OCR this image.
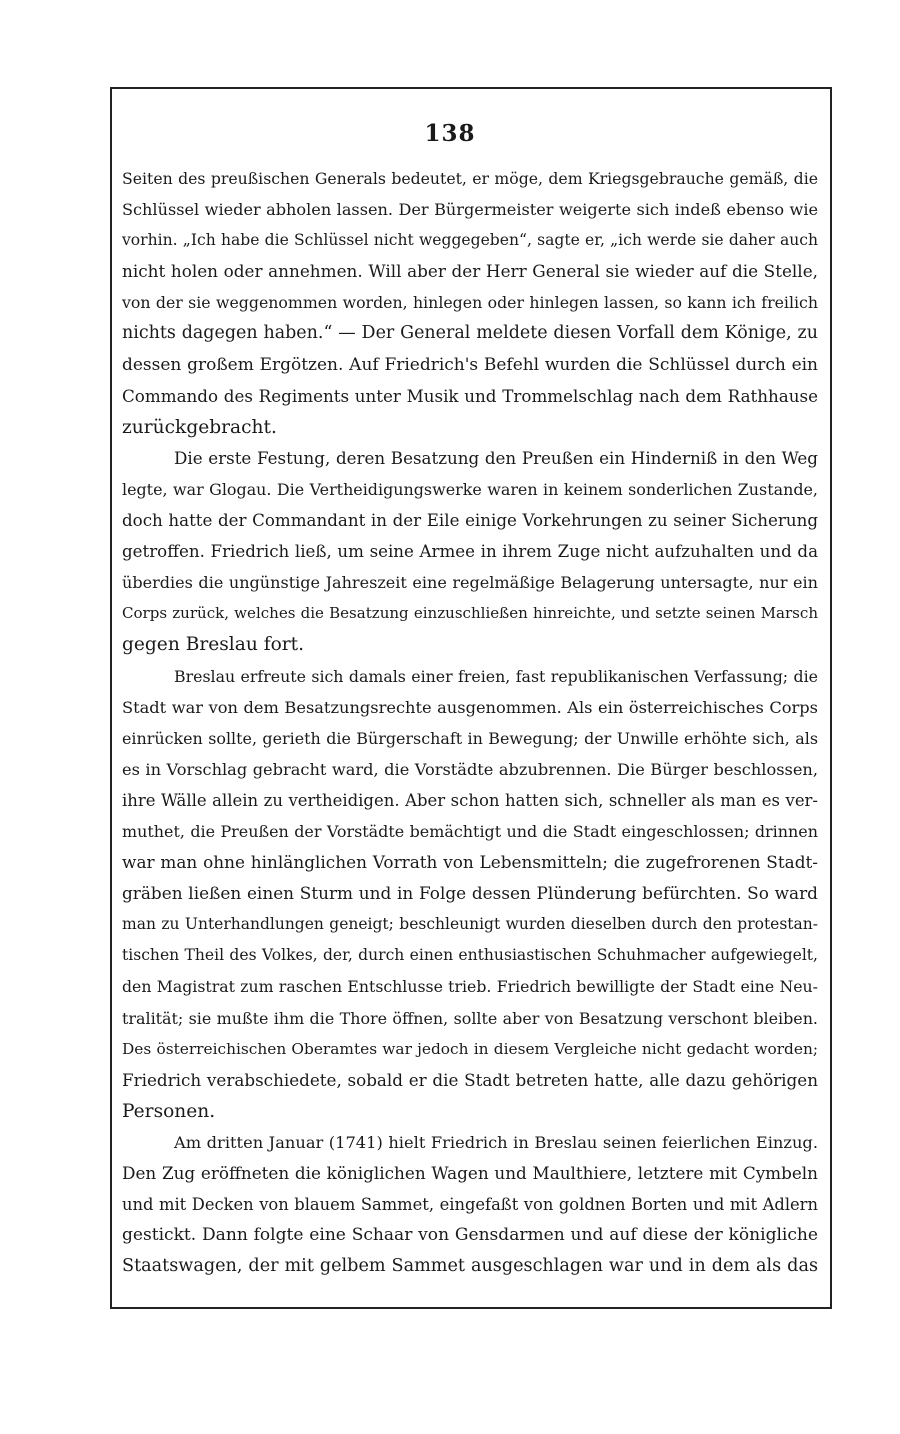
138

Seiten des preußischen Generals bedeutet, er möge, dem Kriegsgebrauche gemäß, die
Schlüssel wieder abholen lassen. Der Bürgermeister weigerte sich indeß ebenso wie
vorhin. „Ich habe die Schlüssel nicht weggegeben“, sagte er, „ich werde sie daher auch
nicht holen oder annehmen. Will aber der Herr General sie wieder auf die Stelle,
von der sie weggenommen worden, hinlegen oder hinlegen lassen, so kann ich freilich
nichts dagegen haben.“ — Der General meldete diesen Vorfall dem Könige, zu
dessen großem Ergötzen. Auf Friedrich's Befehl wurden die Schlüssel durch ein
Commando des Regiments unter Musik und Trommelschlag nach dem Rathhause
zurückgebracht.

Die erste Festung, deren Besatzung den Preußen ein Hinderniß in den Weg
legte, war Glogau. Die Vertheidigungswerke waren in keinem sonderlichen Zustande,
doch hatte der Commandant in der Eile einige Vorkehrungen zu seiner Sicherung
getroffen. Friedrich ließ, um seine Armee in ihrem Zuge nicht aufzuhalten und da
überdies die ungünstige Jahreszeit eine regelmäßige Belagerung untersagte, nur ein
Corps zurück, welches die Besatzung einzuschließen hinreichte, und setzte seinen Marsch
gegen Breslau fort.

Breslau erfreute sich damals einer freien, fast republikanischen Verfassung; die
Stadt war von dem Besatzungsrechte ausgenommen. Als ein österreichisches Corps
einrücken sollte, gerieth die Bürgerschaft in Bewegung; der Unwille erhöhte sich, als
es in Vorschlag gebracht ward, die Vorstädte abzubrennen. Die Bürger beschlossen,
ihre Wälle allein zu vertheidigen. Aber schon hatten sich, schneller als man es ver-
muthet, die Preußen der Vorstädte bemächtigt und die Stadt eingeschlossen; drinnen
war man ohne hinlänglichen Vorrath von Lebensmitteln; die zugefrorenen Stadt-
gräben ließen einen Sturm und in Folge dessen Plünderung befürchten. So ward
man zu Unterhandlungen geneigt; beschleunigt wurden dieselben durch den protestan-
tischen Theil des Volkes, der, durch einen enthusiastischen Schuhmacher aufgewiegelt,
den Magistrat zum raschen Entschlusse trieb. Friedrich bewilligte der Stadt eine Neu-
tralität; sie mußte ihm die Thore öffnen, sollte aber von Besatzung verschont bleiben.
Des österreichischen Oberamtes war jedoch in diesem Vergleiche nicht gedacht worden;
Friedrich verabschiedete, sobald er die Stadt betreten hatte, alle dazu gehörigen
Personen.

Am dritten Januar (1741) hielt Friedrich in Breslau seinen feierlichen Einzug.
Den Zug eröffneten die königlichen Wagen und Maulthiere, letztere mit Cymbeln
und mit Decken von blauem Sammet, eingefaßt von goldnen Borten und mit Adlern
gestickt. Dann folgte eine Schaar von Gensdarmen und auf diese der königliche
Staatswagen, der mit gelbem Sammet ausgeschlagen war und in dem als das
